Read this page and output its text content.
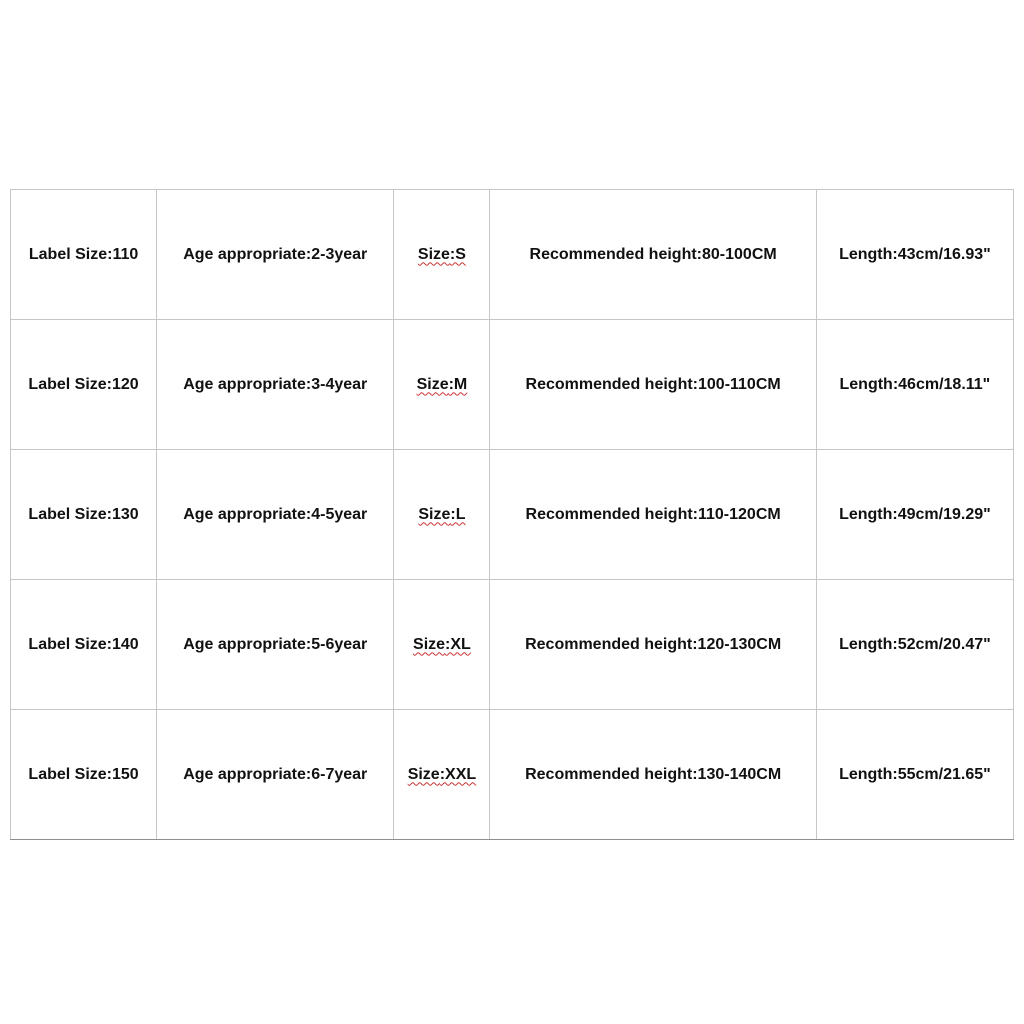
Label Size:110	Age appropriate:2-3year	Size:S	Recommended height:80-100CM	Length:43cm/16.93"
Label Size:120	Age appropriate:3-4year	Size:M	Recommended height:100-110CM	Length:46cm/18.11"
Label Size:130	Age appropriate:4-5year	Size:L	Recommended height:110-120CM	Length:49cm/19.29"
Label Size:140	Age appropriate:5-6year	Size:XL	Recommended height:120-130CM	Length:52cm/20.47"
Label Size:150	Age appropriate:6-7year	Size:XXL	Recommended height:130-140CM	Length:55cm/21.65"
